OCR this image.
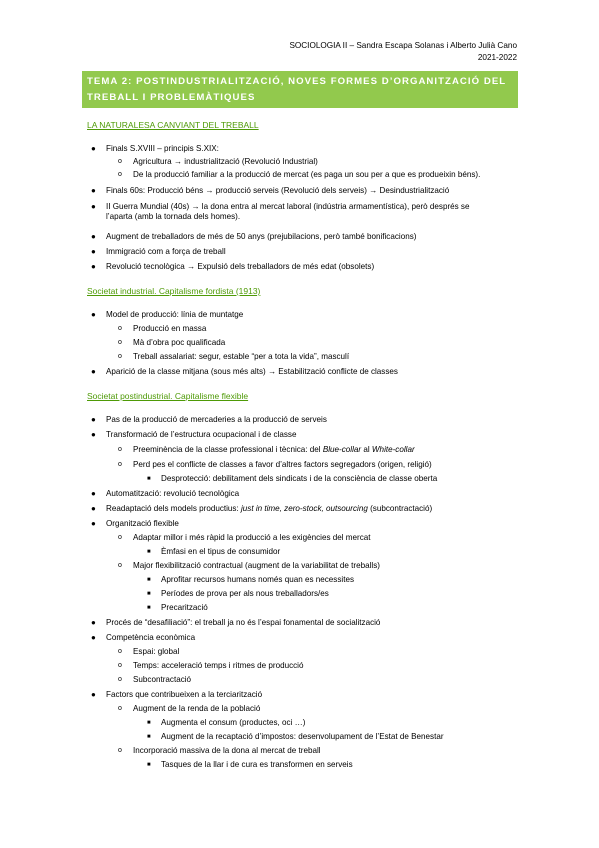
SOCIOLOGIA II – Sandra Escapa Solanas i Alberto Julià Cano
2021-2022
TEMA 2: POSTINDUSTRIALITZACIÓ, NOVES FORMES D’ORGANITZACIÓ DEL
TREBALL I PROBLEMÀTIQUES
LA NATURALESA CANVIANT DEL TREBALL
● Finals S.XVIII – principis S.XIX:
o Agricultura → industrialització (Revolució Industrial)
o De la producció familiar a la producció de mercat (es paga un sou per a que es produeixin béns).
● Finals 60s: Producció béns → producció serveis (Revolució dels serveis) → Desindustrialització
● II Guerra Mundial (40s) → la dona entra al mercat laboral (indústria armamentística), però després se l’aparta (amb la tornada dels homes).
● Augment de treballadors de més de 50 anys (prejubilacions, però també bonificacions)
● Immigració com a força de treball
● Revolució tecnològica → Expulsió dels treballadors de més edat (obsolets)
Societat industrial. Capitalisme fordista (1913)
● Model de producció: línia de muntatge
o Producció en massa
o Mà d’obra poc qualificada
o Treball assalariat: segur, estable “per a tota la vida”, masculí
● Aparició de la classe mitjana (sous més alts) → Estabilització conflicte de classes
Societat postindustrial. Capitalisme flexible
● Pas de la producció de mercaderies a la producció de serveis
● Transformació de l’estructura ocupacional i de classe
o Preeminència de la classe professional i tècnica: del Blue-collar al White-collar
o Perd pes el conflicte de classes a favor d’altres factors segregadors (origen, religió)
■ Desprotecció: debilitament dels sindicats i de la consciència de classe oberta
● Automatització: revolució tecnològica
● Readaptació dels models productius: just in time, zero-stock, outsourcing (subcontractació)
● Organització flexible
o Adaptar millor i més ràpid la producció a les exigències del mercat
■ Èmfasi en el tipus de consumidor
o Major flexibilització contractual (augment de la variabilitat de treballs)
■ Aprofitar recursos humans només quan es necessites
■ Períodes de prova per als nous treballadors/es
■ Precarització
● Procés de “desafiliació”: el treball ja no és l’espai fonamental de socialització
● Competència econòmica
o Espai: global
o Temps: acceleració temps i ritmes de producció
o Subcontractació
● Factors que contribueixen a la terciarització
o Augment de la renda de la població
■ Augmenta el consum (productes, oci …)
■ Augment de la recaptació d’impostos: desenvolupament de l’Estat de Benestar
o Incorporació massiva de la dona al mercat de treball
■ Tasques de la llar i de cura es transformen en serveis
